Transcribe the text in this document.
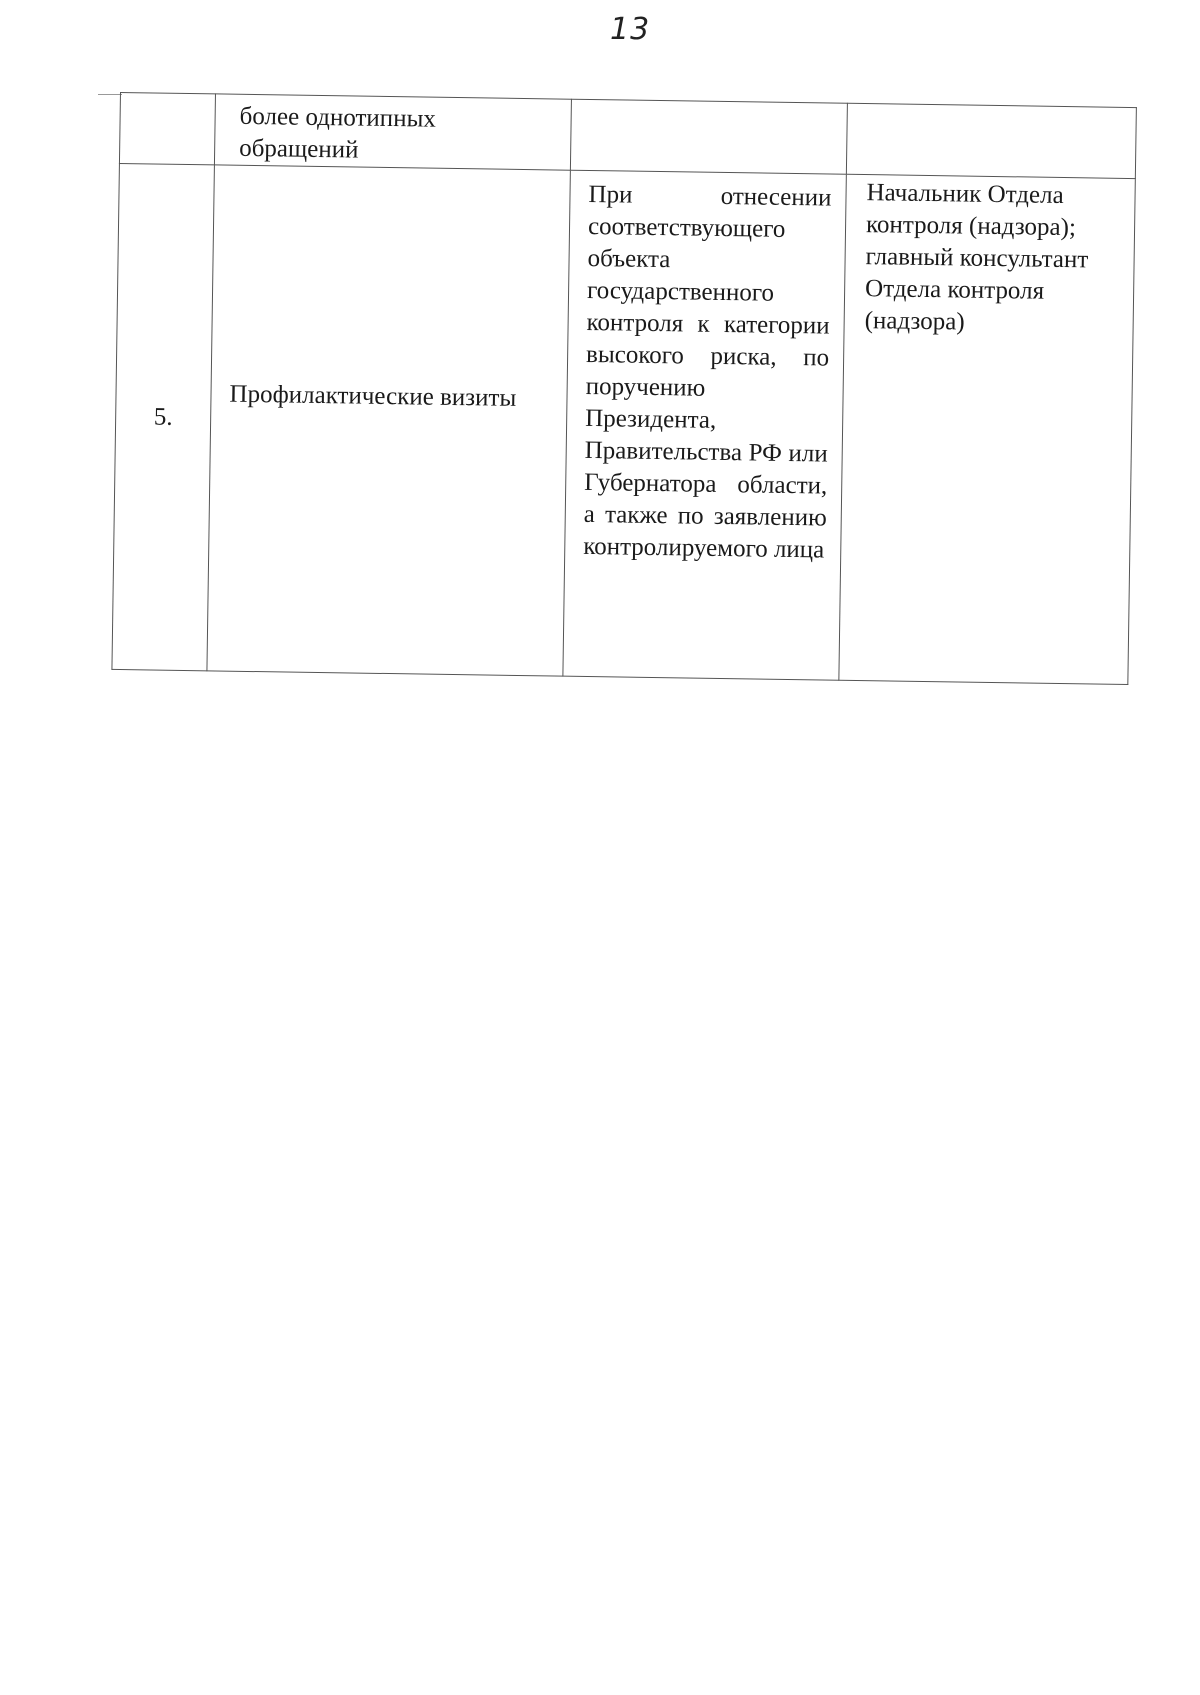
13

	более однотипных обращений		

5.	Профилактические визиты	При отнесении соответствующего объекта государственного контроля к категории высокого риска, по поручению Президента, Правительства РФ или Губернатора области, а также по заявлению контролируемого лица	Начальник Отдела контроля (надзора); главный консультант Отдела контроля (надзора)
